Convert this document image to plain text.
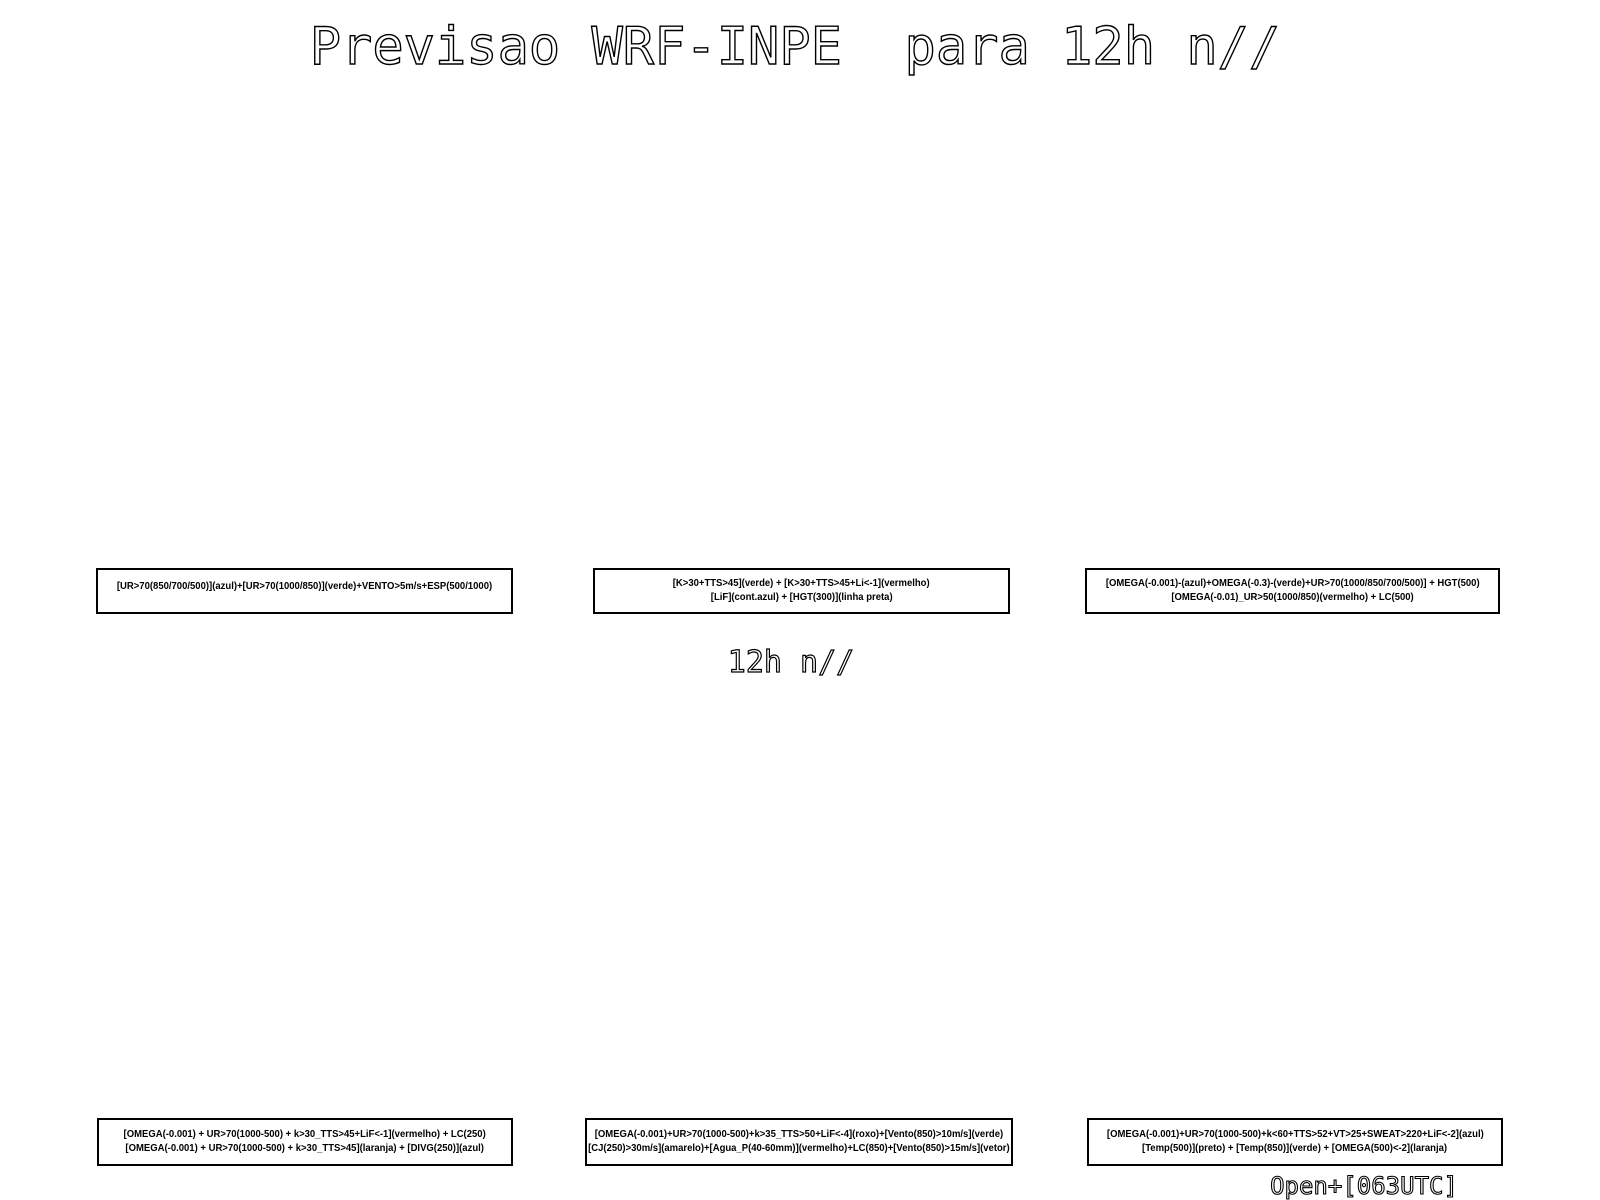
Previsao WRF-INPE  para 12h n//
[UR>70(850/700/500)](azul)+[UR>70(1000/850)](verde)+VENTO>5m/s+ESP(500/1000)	[K>30+TTS>45](verde) + [K>30+TTS>45+Li<-1](vermelho)
[LiF](cont.azul) + [HGT(300)](linha preta)
[OMEGA(-0.001)-(azul)+OMEGA(-0.3)-(verde)+UR>70(1000/850/700/500)] + HGT(500)
[OMEGA(-0.01)_UR>50(1000/850)(vermelho) + LC(500)
12h n//
[OMEGA(-0.001) + UR>70(1000-500) + k>30_TTS>45+LiF<-1](vermelho) + LC(250)
[OMEGA(-0.001) + UR>70(1000-500) + k>30_TTS>45](laranja) + [DIVG(250)](azul)
[OMEGA(-0.001)+UR>70(1000-500)+k>35_TTS>50+LiF<-4](roxo)+[Vento(850)>10m/s](verde)
[CJ(250)>30m/s](amarelo)+[Agua_P(40-60mm)](vermelho)+LC(850)+[Vento(850)>15m/s](vetor)
[OMEGA(-0.001)+UR>70(1000-500)+k<60+TTS>52+VT>25+SWEAT>220+LiF<-2](azul)
[Temp(500)](preto) + [Temp(850)](verde) + [OMEGA(500)<-2](laranja)
Open+[063UTC]
